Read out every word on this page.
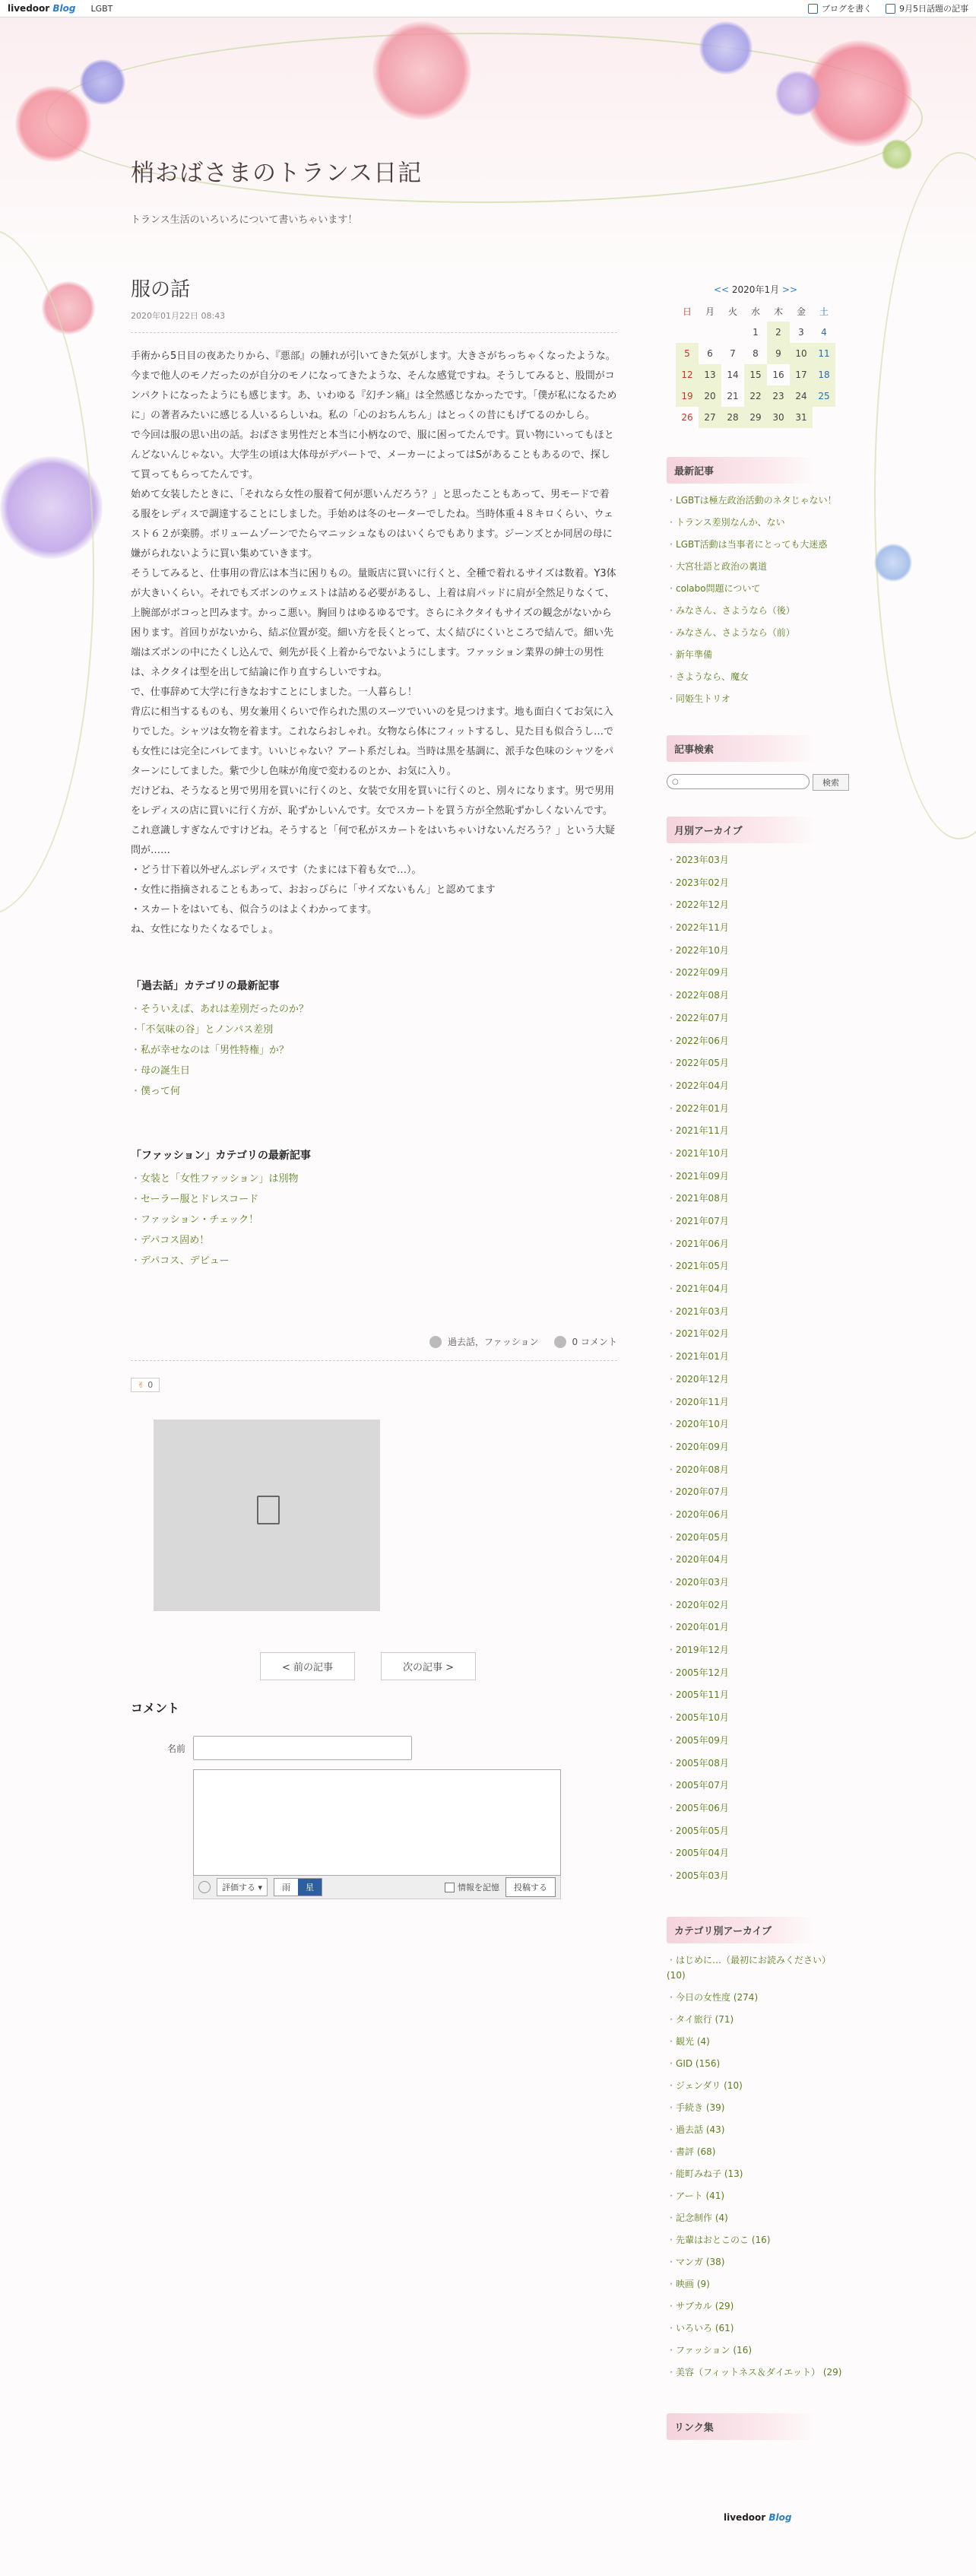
livedoor Blog LGBT	ブログを書く	9月5日話題の記事
梢おばさまのトランス日記
トランス生活のいろいろについて書いちゃいます！
服の話
2020年01月22日 08:43

手術から5日目の夜あたりから、『悪部』の腫れが引いてきた気がします。大きさがちっちゃくなったような。今まで他人のモノだったのが自分のモノになってきたような、そんな感覚ですね。そうしてみると、股間がコンパクトになったようにも感じます。あ、いわゆる『幻チン痛』は全然感じなかったです。「僕が私になるために」の著者みたいに感じる人いるらしいね。私の「心のおちんちん」はとっくの昔にもげてるのかしら。

で今回は服の思い出の話。おばさま男性だと本当に小柄なので、服に困ってたんです。買い物にいってもほとんどないんじゃない。大学生の頃は大体母がデパートで、メーカーによってはSがあることもあるので、探して買ってもらってたんです。

始めて女装したときに、「それなら女性の服着て何が悪いんだろう？」と思ったこともあって、男モードで着る服をレディスで調達することにしました。手始めは冬のセーターでしたね。当時体重４８キロくらい、ウェスト６２が楽勝。ボリュームゾーンでたらマニッシュなものはいくらでもあります。ジーンズとか同居の母に嫌がられないように買い集めていきます。

そうしてみると、仕事用の背広は本当に困りもの。量販店に買いに行くと、全種で着れるサイズは数着。Y3体が大きいくらい。それでもズボンのウェストは詰める必要があるし、上着は肩パッドに肩が全然足りなくて、上腕部がボコっと凹みます。かっこ悪い。胸回りはゆるゆるです。さらにネクタイもサイズの観念がないから困ります。首回りがないから、結ぶ位置が変。細い方を長くとって、太く結びにくいところで結んで。細い先端はズボンの中にたくし込んで、剣先が長く上着からでないようにします。ファッション業界の紳士の男性は、ネクタイは型を出して結論に作り直すらしいですね。

で、仕事辞めて大学に行きなおすことにしました。一人暮らし！

背広に相当するものも、男女兼用くらいで作られた黒のスーツでいいのを見つけます。地も面白くてお気に入りでした。シャツは女物を着ます。これならおしゃれ。女物なら体にフィットするし、見た目も似合うし…でも女性には完全にバレてます。いいじゃない？アート系だしね。当時は黒を基調に、派手な色味のシャツをパターンにしてました。紫で少し色味が角度で変わるのとか、お気に入り。

だけどね、そうなると男で男用を買いに行くのと、女装で女用を買いに行くのと、別々になります。男で男用をレディスの店に買いに行く方が、恥ずかしいんです。女でスカートを買う方が全然恥ずかしくないんです。これ意識しすぎなんですけどね。そうすると「何で私がスカートをはいちゃいけないんだろう？」という大疑問が……

・どう廿下着以外ぜんぶレディスです（たまには下着も女で…）。

・女性に指摘されることもあって、おおっぴらに「サイズないもん」と認めてます

・スカートをはいても、似合うのはよくわかってます。

ね、女性になりたくなるでしょ。

「過去話」カテゴリの最新記事
・ そういえば、あれは差別だったのか？
・ 「不気味の谷」とノンパス差別
・ 私が幸せなのは「男性特権」か？
・ 母の誕生日
・ 僕って何
「ファッション」カテゴリの最新記事
・ 女装と「女性ファッション」は別物
・ セーラー服とドレスコード
・ ファッション・チェック！
・ デパコス固め！
・ デパコス、デビュー
過去話，ファッション	0 コメント
✌ 0
< 前の記事	次の記事 >
コメント
名前
評価する ▾	雨	星	情報を記憶	投稿する
<< 2020年1月 >>
日	月	火	水	木	金	土
			1	2	3	4
5	6	7	8	9	10	11
12	13	14	15	16	17	18
19	20	21	22	23	24	25
26	27	28	29	30	31	
最新記事
・ LGBTは極左政治活動のネタじゃない！
・ トランス差別なんか、ない
・ LGBT活動は当事者にとっても大迷惑
・ 大宮壮語と政治の裏道
・ colabo問題について
・ みなさん、さようなら（後）
・ みなさん、さようなら（前）
・ 新年準備
・ さようなら、魔女
・ 同姫生トリオ
記事検索
○	検索
月別アーカイブ
・ 2023年03月
・ 2023年02月
・ 2022年12月
・ 2022年11月
・ 2022年10月
・ 2022年09月
・ 2022年08月
・ 2022年07月
・ 2022年06月
・ 2022年05月
・ 2022年04月
・ 2022年01月
・ 2021年11月
・ 2021年10月
・ 2021年09月
・ 2021年08月
・ 2021年07月
・ 2021年06月
・ 2021年05月
・ 2021年04月
・ 2021年03月
・ 2021年02月
・ 2021年01月
・ 2020年12月
・ 2020年11月
・ 2020年10月
・ 2020年09月
・ 2020年08月
・ 2020年07月
・ 2020年06月
・ 2020年05月
・ 2020年04月
・ 2020年03月
・ 2020年02月
・ 2020年01月
・ 2019年12月
・ 2005年12月
・ 2005年11月
・ 2005年10月
・ 2005年09月
・ 2005年08月
・ 2005年07月
・ 2005年06月
・ 2005年05月
・ 2005年04月
・ 2005年03月
カテゴリ別アーカイブ
・ はじめに…（最初にお読みください） (10)
・ 今日の女性度 (274)
・ タイ旅行 (71)
・ 観光 (4)
・ GID (156)
・ ジェンダリ (10)
・ 手続き (39)
・ 過去話 (43)
・ 書評 (68)
・ 能町みね子 (13)
・ アート (41)
・ 記念制作 (4)
・ 先輩はおとこのこ (16)
・ マンガ (38)
・ 映画 (9)
・ サブカル (29)
・ いろいろ (61)
・ ファッション (16)
・ 美容（フィットネス＆ダイエット） (29)
リンク集
livedoor Blog
